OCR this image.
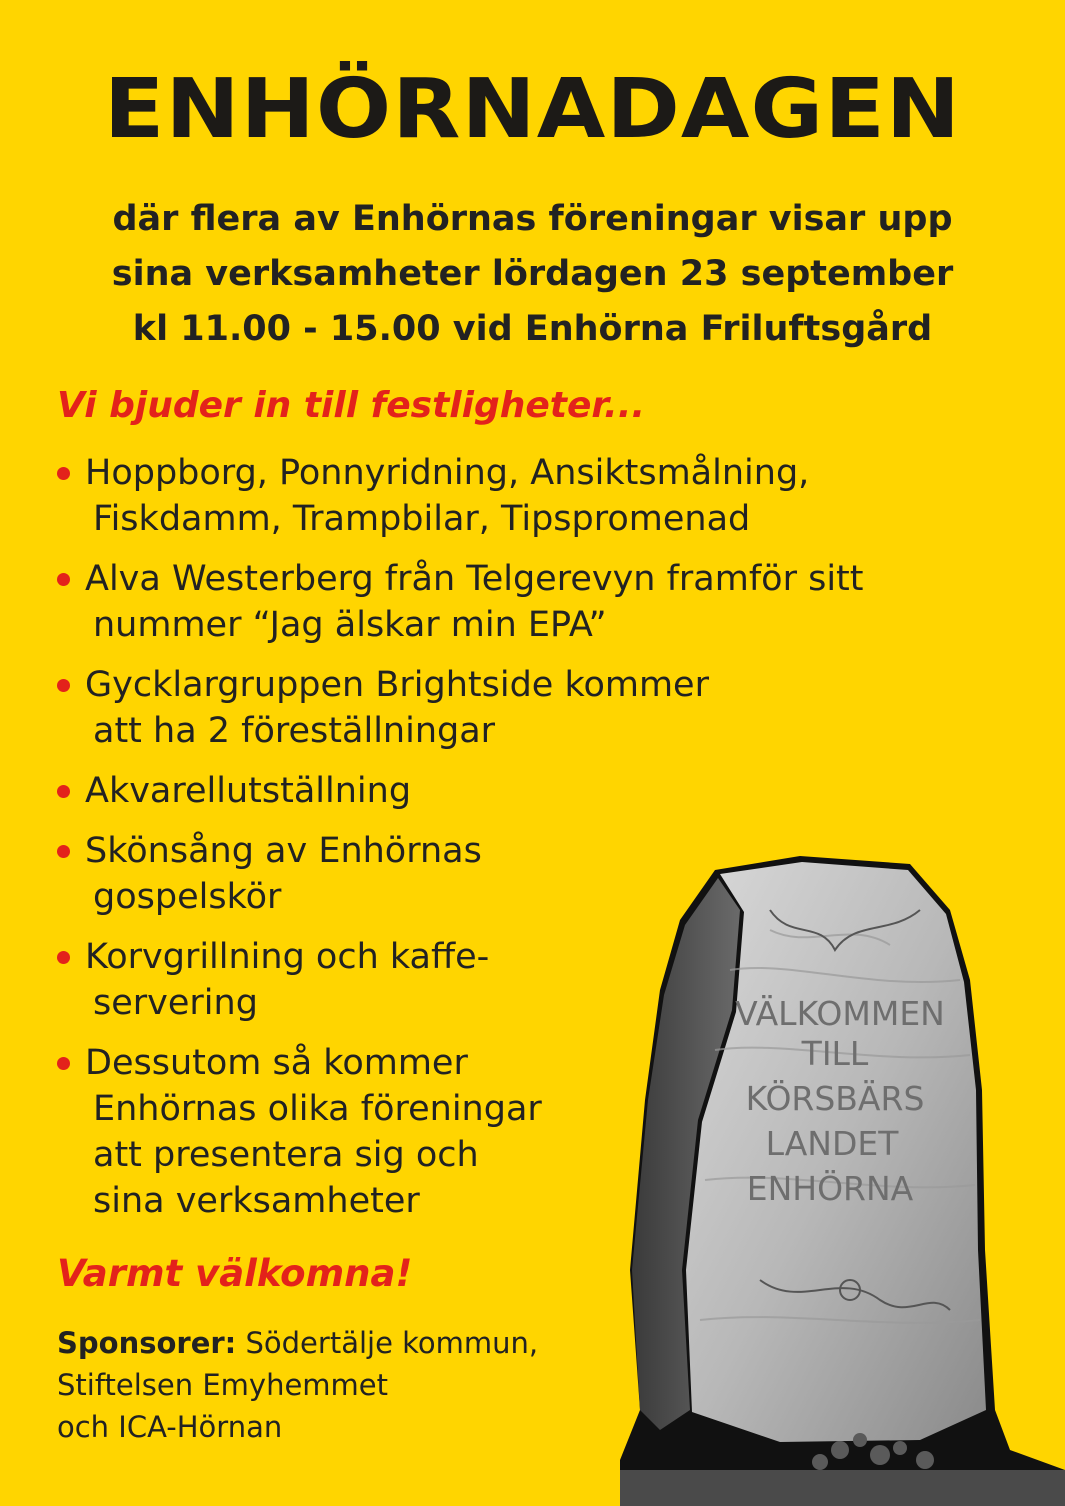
ENHÖRNADAGEN
där flera av Enhörnas föreningar visar upp
sina verksamheter lördagen 23 september
kl 11.00 - 15.00 vid Enhörna Friluftsgård
Vi bjuder in till festligheter...
Hoppborg, Ponnyridning, Ansiktsmålning,
Fiskdamm, Trampbilar, Tipspromenad
Alva Westerberg från Telgerevyn framför sitt
nummer “Jag älskar min EPA”
Gycklargruppen Brightside kommer
att ha 2 föreställningar
Akvarellutställning
Skönsång av Enhörnas
gospelskör
Korvgrillning och kaffe-
servering
Dessutom så kommer
Enhörnas olika föreningar
att presentera sig och
sina verksamheter
Varmt välkomna!
Sponsorer: Södertälje kommun,
Stiftelsen Emyhemmet
och ICA-Hörnan
VÄLKOMMEN
TILL
KÖRSBÄRS
LANDET
ENHÖRNA
